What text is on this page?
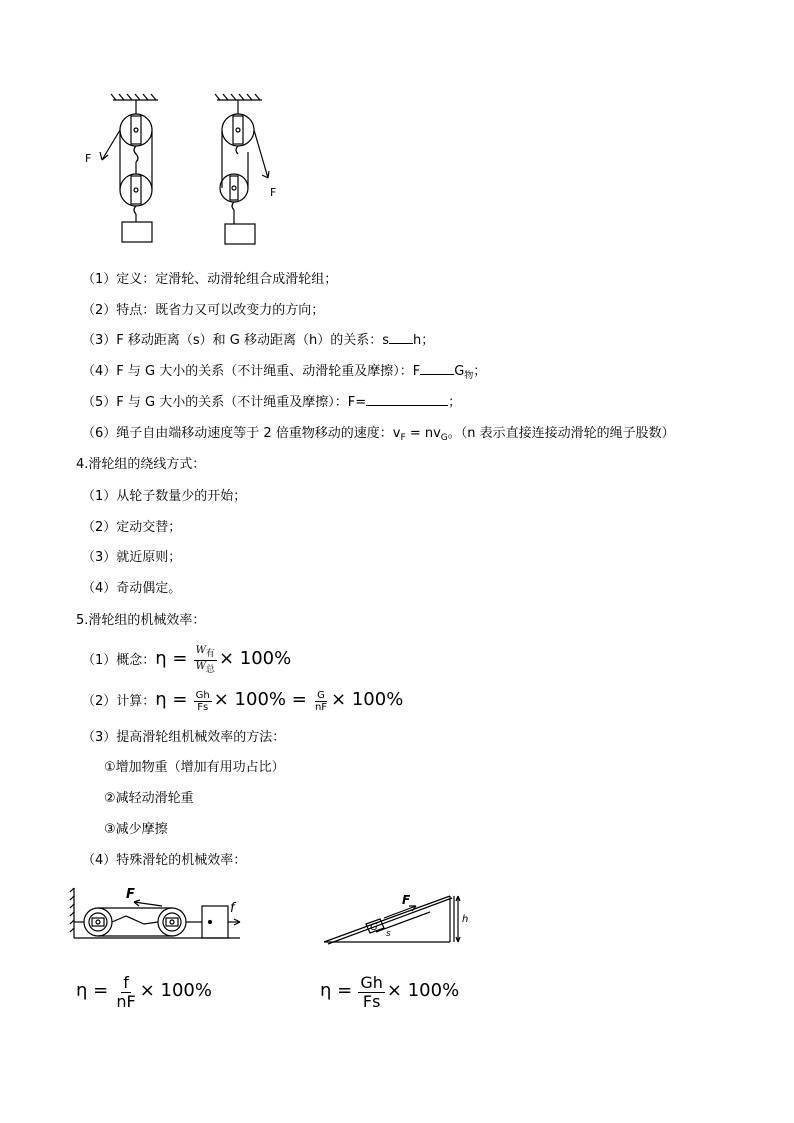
F
F
（1）定义：定滑轮、动滑轮组合成滑轮组；
（2）特点：既省力又可以改变力的方向；
（3）F 移动距离（s）和 G 移动距离（h）的关系：s h；
（4）F 与 G 大小的关系（不计绳重、动滑轮重及摩擦）：F	$G_物$；
（5）F 与 G 大小的关系（不计绳重及摩擦）：F=	；
（6）绳子自由端移动速度等于 2 倍重物移动的速度：$v_F = nv_G$。（n 表示直接连接动滑轮的绳子股数）
4.滑轮组的绕线方式：
（1）从轮子数量少的开始；
（2）定动交替；
（3）就近原则；
（4）奇动偶定。
5.滑轮组的机械效率：
（1）概念：$\eta = \frac{\text{W有}}{\text{W总}} \times 100\%$
（2）计算：$\eta = \frac{Gh}{Fs} \times 100\% = \frac{G}{nF} \times 100\%$
（3）提高滑轮组机械效率的方法：
①增加物重（增加有用功占比）
②减轻动滑轮重
③减少摩擦
（4）特殊滑轮的机械效率：
F
f
G
F
s
h
$\eta = \frac{f}{nF} \times 100\%$	$\eta = \frac{Gh}{Fs} \times 100\%$
